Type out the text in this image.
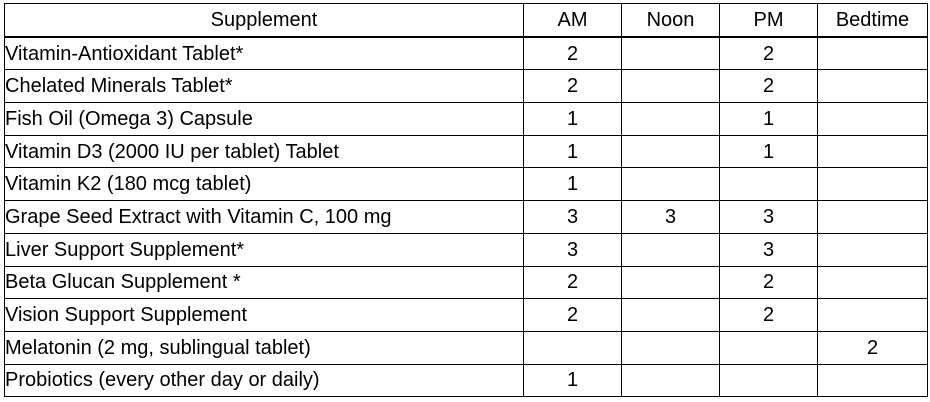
Supplement	AM	Noon	PM	Bedtime
Vitamin-Antioxidant Tablet*	2		2	
Chelated Minerals Tablet*	2		2	
Fish Oil (Omega 3) Capsule	1		1	
Vitamin D3 (2000 IU per tablet) Tablet	1		1	
Vitamin K2 (180 mcg tablet)	1			
Grape Seed Extract with Vitamin C, 100 mg	3	3	3	
Liver Support Supplement*	3		3	
Beta Glucan Supplement *	2		2	
Vision Support Supplement	2		2	
Melatonin (2 mg, sublingual tablet)				2
Probiotics (every other day or daily)	1			
